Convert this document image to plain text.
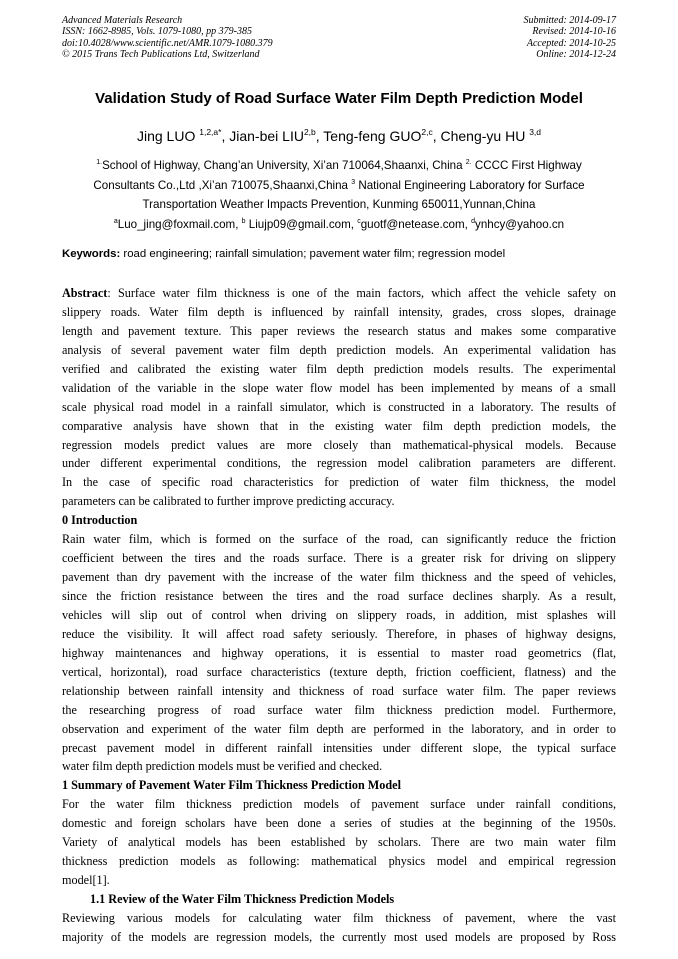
Advanced Materials Research
ISSN: 1662-8985, Vols. 1079-1080, pp 379-385
doi:10.4028/www.scientific.net/AMR.1079-1080.379
© 2015 Trans Tech Publications Ltd, Switzerland
Submitted: 2014-09-17
Revised: 2014-10-16
Accepted: 2014-10-25
Online: 2014-12-24
Validation Study of Road Surface Water Film Depth Prediction Model
Jing LUO $^{1,2,a*}$, Jian-bei LIU$^{2,b}$, Teng-feng GUO$^{2,c}$, Cheng-yu HU $^{3,d}$
$^{1.}$School of Highway, Chang’an University, Xi’an 710064,Shaanxi, China $^{2.}$ CCCC First Highway
Consultants Co.,Ltd ,Xi’an 710075,Shaanxi,China $^3$ National Engineering Laboratory for Surface
Transportation Weather Impacts Prevention, Kunming 650011,Yunnan,China
$^a$Luo_jing@foxmail.com, $^b$ Liujp09@gmail.com, $^c$guotf@netease.com, $^d$ynhcy@yahoo.cn
Keywords: road engineering; rainfall simulation; pavement water film; regression model
Abstract: Surface water film thickness is one of the main factors, which affect the vehicle safety on
slippery roads. Water film depth is influenced by rainfall intensity, grades, cross slopes, drainage
length and pavement texture. This paper reviews the research status and makes some comparative
analysis of several pavement water film depth prediction models. An experimental validation has
verified and calibrated the existing water film depth prediction models results. The experimental
validation of the variable in the slope water flow model has been implemented by means of a small
scale physical road model in a rainfall simulator, which is constructed in a laboratory. The results of
comparative analysis have shown that in the existing water film depth prediction models, the
regression models predict values are more closely than mathematical-physical models. Because
under different experimental conditions, the regression model calibration parameters are different.
In the case of specific road characteristics for prediction of water film thickness, the model
parameters can be calibrated to further improve predicting accuracy.
0 Introduction
Rain water film, which is formed on the surface of the road, can significantly reduce the friction
coefficient between the tires and the roads surface. There is a greater risk for driving on slippery
pavement than dry pavement with the increase of the water film thickness and the speed of vehicles,
since the friction resistance between the tires and the road surface declines sharply. As a result,
vehicles will slip out of control when driving on slippery roads, in addition, mist splashes will
reduce the visibility. It will affect road safety seriously. Therefore, in phases of highway designs,
highway maintenances and highway operations, it is essential to master road geometrics (flat,
vertical, horizontal), road surface characteristics (texture depth, friction coefficient, flatness) and the
relationship between rainfall intensity and thickness of road surface water film. The paper reviews
the researching progress of road surface water film thickness prediction model. Furthermore,
observation and experiment of the water film depth are performed in the laboratory, and in order to
precast pavement model in different rainfall intensities under different slope, the typical surface
water film depth prediction models must be verified and checked.
1 Summary of Pavement Water Film Thickness Prediction Model
For the water film thickness prediction models of pavement surface under rainfall conditions,
domestic and foreign scholars have been done a series of studies at the beginning of the 1950s.
Variety of analytical models has been established by scholars. There are two main water film
thickness prediction models as following: mathematical physics model and empirical regression
model[1].
1.1 Review of the Water Film Thickness Prediction Models
Reviewing various models for calculating water film thickness of pavement, where the vast
majority of the models are regression models, the currently most used models are proposed by Ross
